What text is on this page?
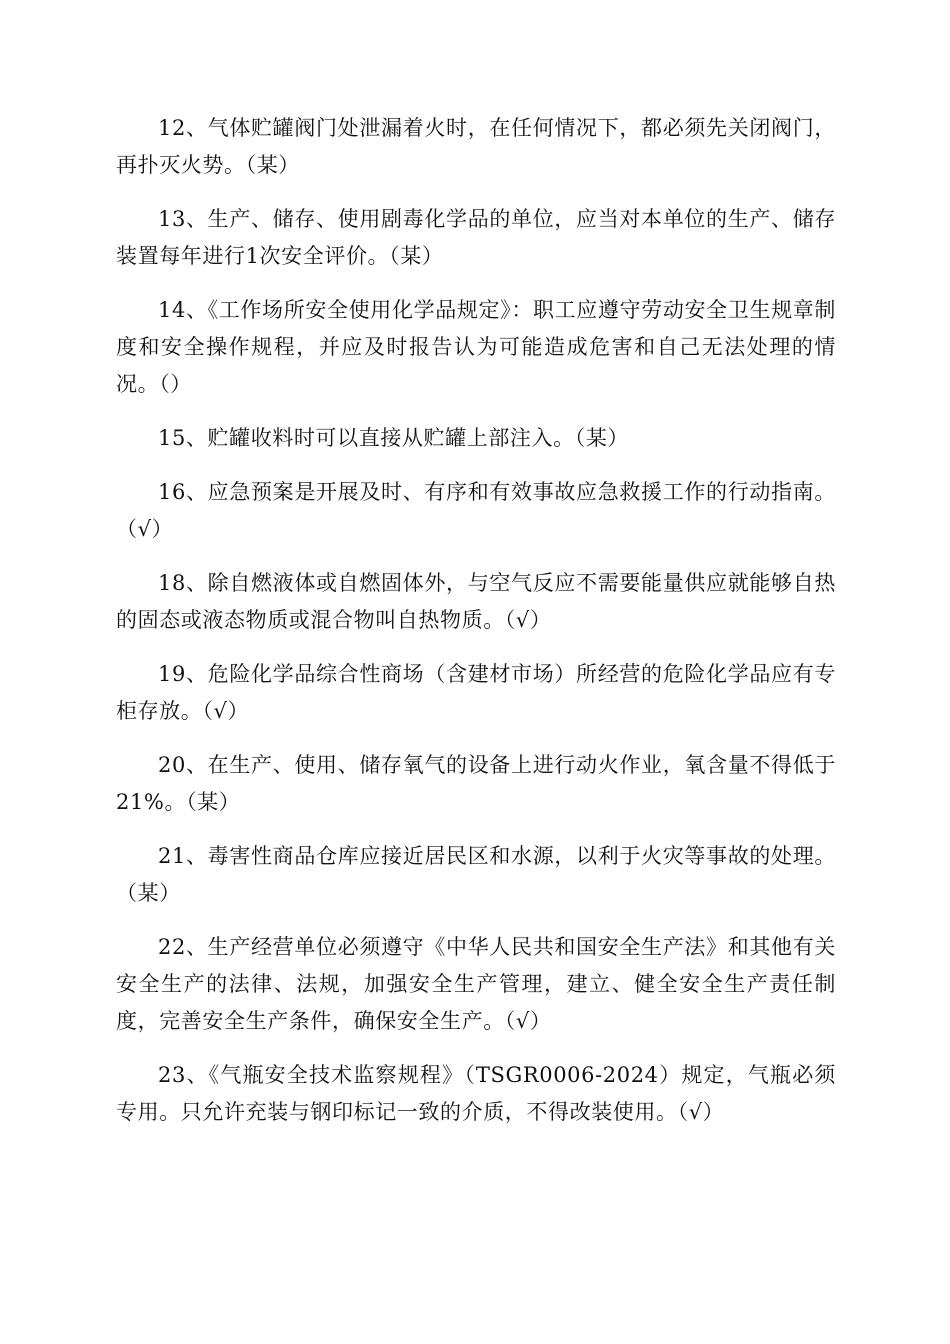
12、气体贮罐阀门处泄漏着火时，在任何情况下，都必须先关闭阀门，再扑灭火势。（某）

13、生产、储存、使用剧毒化学品的单位，应当对本单位的生产、储存装置每年进行1次安全评价。（某）

14、《工作场所安全使用化学品规定》：职工应遵守劳动安全卫生规章制度和安全操作规程，并应及时报告认为可能造成危害和自己无法处理的情况。（）

15、贮罐收料时可以直接从贮罐上部注入。（某）

16、应急预案是开展及时、有序和有效事故应急救援工作的行动指南。（√）

18、除自燃液体或自燃固体外，与空气反应不需要能量供应就能够自热的固态或液态物质或混合物叫自热物质。（√）

19、危险化学品综合性商场（含建材市场）所经营的危险化学品应有专柜存放。（√）

20、在生产、使用、储存氧气的设备上进行动火作业，氧含量不得低于21%。（某）

21、毒害性商品仓库应接近居民区和水源，以利于火灾等事故的处理。（某）

22、生产经营单位必须遵守《中华人民共和国安全生产法》和其他有关安全生产的法律、法规，加强安全生产管理，建立、健全安全生产责任制度，完善安全生产条件，确保安全生产。（√）

23、《气瓶安全技术监察规程》（TSGR0006-2024）规定，气瓶必须专用。只允许充装与钢印标记一致的介质，不得改装使用。（√）
